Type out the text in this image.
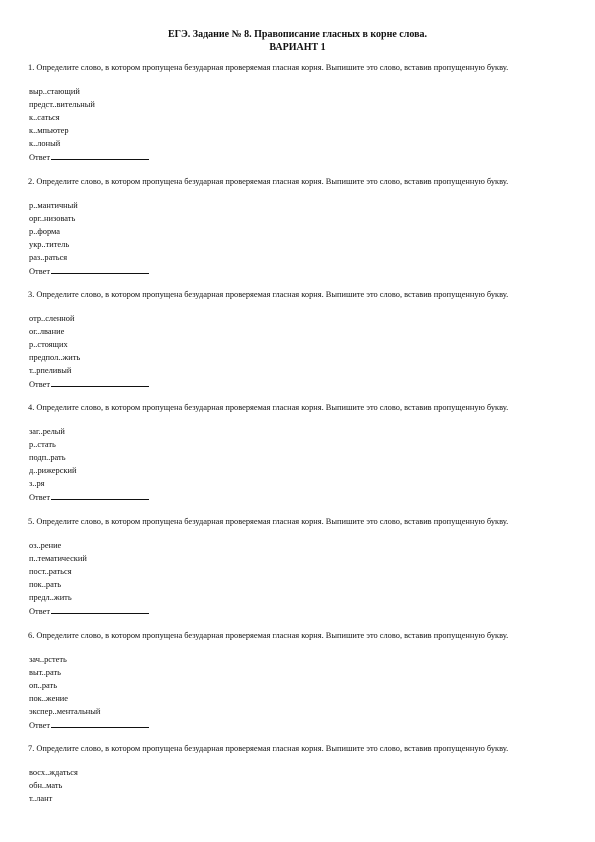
ЕГЭ. Задание № 8. Правописание гласных в корне слова.
ВАРИАНТ 1
1. Определите слово, в котором пропущена безударная проверяемая гласная корня. Выпишите это слово, вставив пропущенную букву.
выр..стающий
предст..вительный
к..саться
к..мпьютер
к..лоный
Ответ
2. Определите слово, в котором пропущена безударная проверяемая гласная корня. Выпишите это слово, вставив пропущенную букву.
р..мантичный
орг..низовать
р..форма
укр..титель
раз..раться
Ответ
3. Определите слово, в котором пропущена безударная проверяемая гласная корня. Выпишите это слово, вставив пропущенную букву.
отр..сленной
ог..лвание
р..стоящих
предпол..жить
т..рпеливый
Ответ
4. Определите слово, в котором пропущена безударная проверяемая гласная корня. Выпишите это слово, вставив пропущенную букву.
заг..релый
р..стать
подп..рать
д..рижерский
з..ря
Ответ
5. Определите слово, в котором пропущена безударная проверяемая гласная корня. Выпишите это слово, вставив пропущенную букву.
оз..рение
п..тематический
пост..раться
пок..рать
предл..жить
Ответ
6. Определите слово, в котором пропущена безударная проверяемая гласная корня. Выпишите это слово, вставив пропущенную букву.
зач..рстеть
выт..рать
оп..рать
пок..жение
экспер..ментальный
Ответ
7. Определите слово, в котором пропущена безударная проверяемая гласная корня. Выпишите это слово, вставив пропущенную букву.
восх..ждаться
обн..мать
т..лант
